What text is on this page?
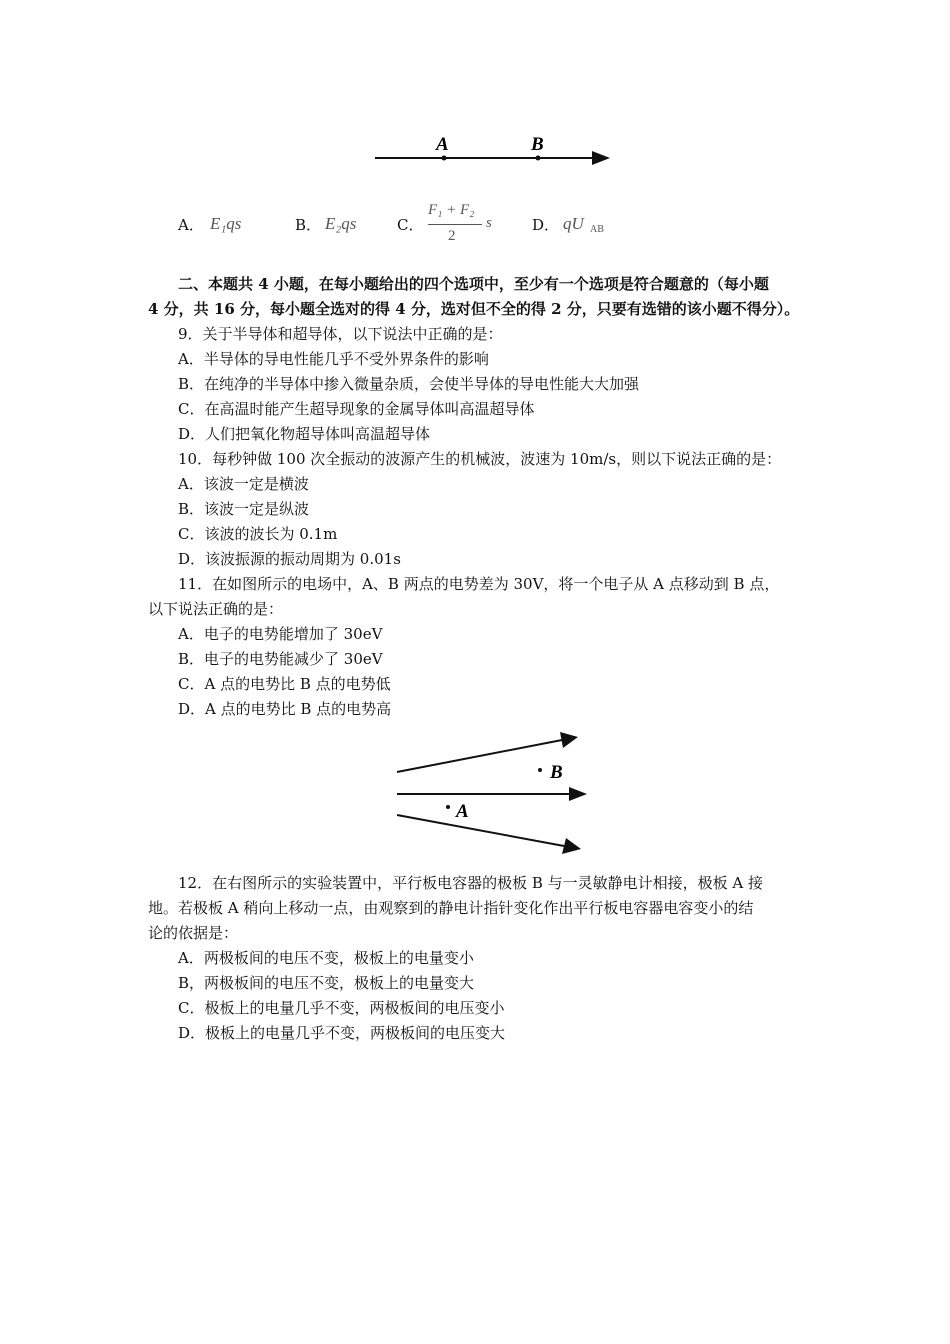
A	B
A． E₁qs	B． E₂qs	C．
F₁ + F₂
2
s	D． qU AB
二、本题共 4 小题，在每小题给出的四个选项中，至少有一个选项是符合题意的（每小题
4 分，共 16 分，每小题全选对的得 4 分，选对但不全的得 2 分，只要有选错的该小题不得分）。
9．关于半导体和超导体，以下说法中正确的是：
A．半导体的导电性能几乎不受外界条件的影响
B．在纯净的半导体中掺入微量杂质，会使半导体的导电性能大大加强
C．在高温时能产生超导现象的金属导体叫高温超导体
D．人们把氧化物超导体叫高温超导体
10．每秒钟做 100 次全振动的波源产生的机械波，波速为 10m/s，则以下说法正确的是：
A．该波一定是横波
B．该波一定是纵波
C．该波的波长为 0.1m
D．该波振源的振动周期为 0.01s
11．在如图所示的电场中，A、B 两点的电势差为 30V，将一个电子从 A 点移动到 B 点，
以下说法正确的是：
A．电子的电势能增加了 30eV
B．电子的电势能减少了 30eV
C．A 点的电势比 B 点的电势低
D．A 点的电势比 B 点的电势高
B
A
12．在右图所示的实验装置中，平行板电容器的极板 B 与一灵敏静电计相接，极板 A 接
地。若极板 A 稍向上移动一点，由观察到的静电计指针变化作出平行板电容器电容变小的结
论的依据是：
A．两极板间的电压不变，极板上的电量变小
B，两极板间的电压不变，极板上的电量变大
C．极板上的电量几乎不变，两极板间的电压变小
D．极板上的电量几乎不变，两极板间的电压变大
